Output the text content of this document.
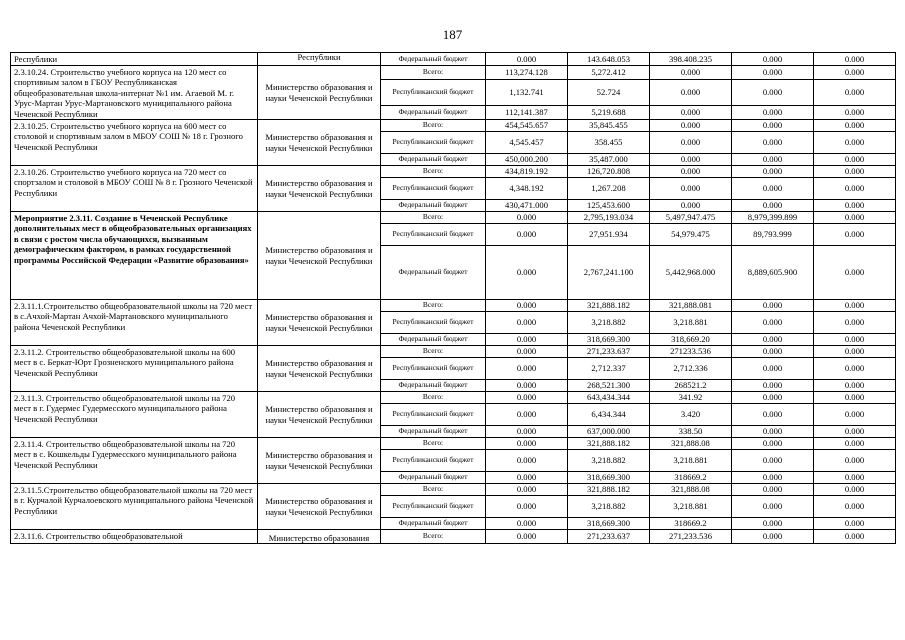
187
Республики	Республики	Федеральный бюджет	0.000	143.648.053	398.408.235	0.000	0.000
2.3.10.24. Строительство учебного корпуса на 120 мест со спортивным залом в ГБОУ Республиканская общеобразовательная школа-интернат №1 им. Агаевой М. г. Урус-Мартан Урус-Мартановского муниципального района Чеченской Республики	Министерство образования и науки Чеченской Республики	Всего:	113,274.128	5,272.412	0.000	0.000	0.000
		Республиканский бюджет	1,132.741	52.724	0.000	0.000	0.000
		Федеральный бюджет	112,141.387	5,219.688	0.000	0.000	0.000
2.3.10.25. Строительство учебного корпуса на 600 мест со столовой и спортивным залом в МБОУ СОШ № 18 г. Грозного Чеченской Республики	Министерство образования и науки Чеченской Республики	Всего:	454,545.657	35,845.455	0.000	0.000	0.000
		Республиканский бюджет	4,545.457	358.455	0.000	0.000	0.000
		Федеральный бюджет	450,000.200	35,487.000	0.000	0.000	0.000
2.3.10.26. Строительство учебного корпуса на 720 мест со спортзалом и столовой в МБОУ СОШ № 8 г. Грозного Чеченской Республики	Министерство образования и науки Чеченской Республики	Всего:	434,819.192	126,720.808	0.000	0.000	0.000
		Республиканский бюджет	4,348.192	1,267.208	0.000	0.000	0.000
		Федеральный бюджет	430,471.000	125,453.600	0.000	0.000	0.000
Мероприятие 2.3.11. Создание в Чеченской Республике дополнительных мест в общеобразовательных организациях в связи с ростом числа обучающихся, вызванным демографическим фактором, в рамках государственной программы Российской Федерации «Развитие образования»	Министерство образования и науки Чеченской Республики	Всего:	0.000	2,795,193.034	5,497,947.475	8,979,399.899	0.000
		Республиканский бюджет	0.000	27,951.934	54,979.475	89,793.999	0.000
		Федеральный бюджет	0.000	2,767,241.100	5,442,968.000	8,889,605.900	0.000
2.3.11.1.Строительство общеобразовательной школы на 720 мест в с.Ачхой-Мартан Ачхой-Мартановского муниципального района Чеченской Республики	Министерство образования и науки Чеченской Республики	Всего:	0.000	321,888.182	321,888.081	0.000	0.000
		Республиканский бюджет	0.000	3,218.882	3,218.881	0.000	0.000
		Федеральный бюджет	0.000	318,669.300	318,669.20	0.000	0.000
2.3.11.2. Строительство общеобразовательной школы на 600 мест в с. Беркат-Юрт Грозненского муниципального района Чеченской Республики	Министерство образования и науки Чеченской Республики	Всего:	0.000	271,233.637	271233.536	0.000	0.000
		Республиканский бюджет	0.000	2,712.337	2,712.336	0.000	0.000
		Федеральный бюджет	0.000	268,521.300	268521.2	0.000	0.000
2.3.11.3. Строительство общеобразовательной школы на 720 мест в г. Гудермес Гудермесского муниципального района Чеченской Республики	Министерство образования и науки Чеченской Республики	Всего:	0.000	643,434.344	341.92	0.000	0.000
		Республиканский бюджет	0.000	6,434.344	3.420	0.000	0.000
		Федеральный бюджет	0.000	637,000.000	338.50	0.000	0.000
2.3.11.4. Строительство общеобразовательной школы на 720 мест в с. Кошкельды Гудермесского муниципального района Чеченской Республики	Министерство образования и науки Чеченской Республики	Всего:	0.000	321,888.182	321,888.08	0.000	0.000
		Республиканский бюджет	0.000	3,218.882	3,218.881	0.000	0.000
		Федеральный бюджет	0.000	318,669.300	318669.2	0.000	0.000
2.3.11.5.Строительство общеобразовательной школы на 720 мест в г. Курчалой Курчалоевского муниципального района Чеченской Республики	Министерство образования и науки Чеченской Республики	Всего:	0.000	321,888.182	321,888.08	0.000	0.000
		Республиканский бюджет	0.000	3,218.882	3,218.881	0.000	0.000
		Федеральный бюджет	0.000	318,669.300	318669.2	0.000	0.000
2.3.11.6. Строительство общеобразовательной	Министерство образования	Всего:	0.000	271,233.637	271,233.536	0.000	0.000
